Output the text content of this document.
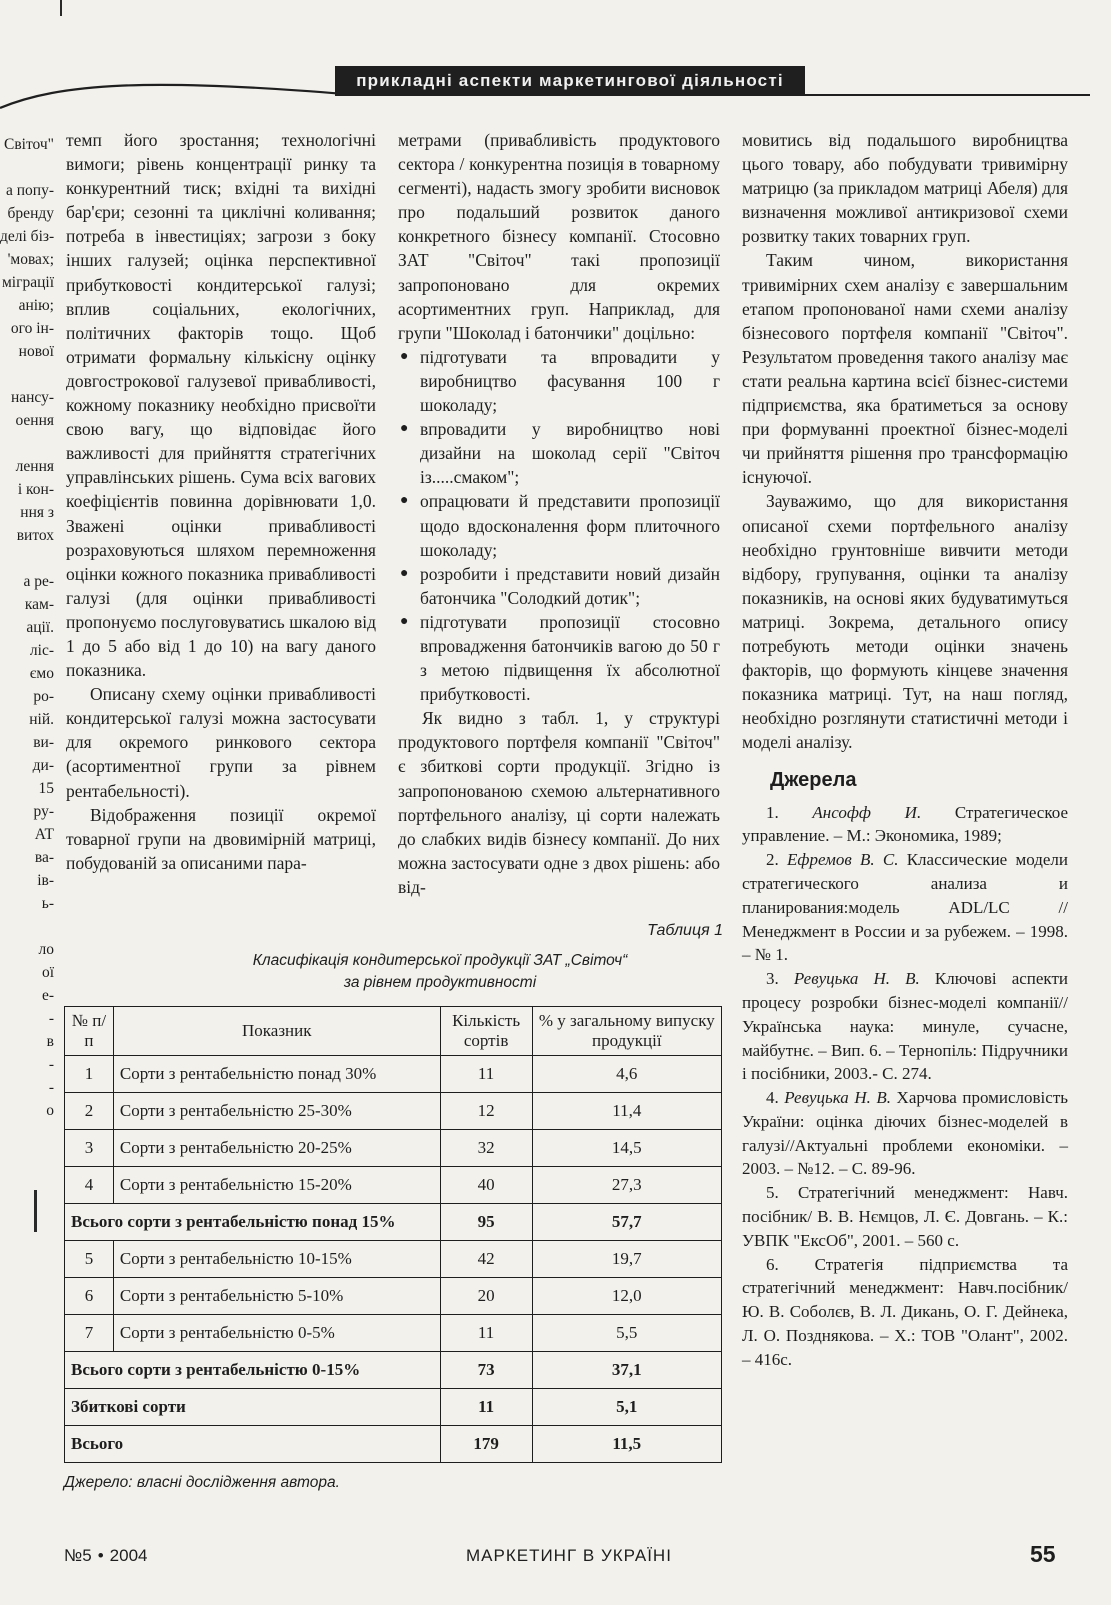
прикладні аспекти маркетингової діяльності
Світоч"
а попу-
бренду
делі біз-
'мовах;
міграції
анію;
ого ін-
нової
нансу-
оення
лення
і кон-
ння з
витох
а ре-
кам-
ації.
ліс-
ємо
ро-
ній.
ви-
ди-
15
ру-
АТ
ва-
ів-
ь-
ло
ої
е-
-
в
-
-
о

темп його зростання; технологічні вимоги; рівень концентрації ринку та конкурентний тиск; вхідні та вихідні бар'єри; сезонні та циклічні коливання; потреба в інвестиціях; загрози з боку інших галузей; оцінка перспективної прибутковості кондитерської галузі; вплив соціальних, екологічних, політичних факторів тощо. Щоб отримати формальну кількісну оцінку довгострокової галузевої привабливості, кожному показнику необхідно присвоїти свою вагу, що відповідає його важливості для прийняття стратегічних управлінських рішень. Сума всіх вагових коефіцієнтів повинна дорівнювати 1,0. Зважені оцінки привабливості розраховуються шляхом перемноження оцінки кожного показника привабливості галузі (для оцінки привабливості пропонуємо послуговуватись шкалою від 1 до 5 або від 1 до 10) на вагу даного показника.

Описану схему оцінки привабливості кондитерської галузі можна застосувати для окремого ринкового сектора (асортиментної групи за рівнем рентабельності).

Відображення позиції окремої товарної групи на двовимірній матриці, побудованій за описаними пара-

метрами (привабливість продуктового сектора / конкурентна позиція в товарному сегменті), надасть змогу зробити висновок про подальший розвиток даного конкретного бізнесу компанії. Стосовно ЗАТ "Світоч" такі пропозиції запропоновано для окремих асортиментних груп. Наприклад, для групи "Шоколад і батончики" доцільно:

● підготувати та впровадити у виробництво фасування 100 г шоколаду;
● впровадити у виробництво нові дизайни на шоколад серії "Світоч із.....смаком";
● опрацювати й представити пропозиції щодо вдосконалення форм плиточного шоколаду;
● розробити і представити новий дизайн батончика "Солодкий дотик";
● підготувати пропозиції стосовно впровадження батончиків вагою до 50 г з метою підвищення їх абсолютної прибутковості.

Як видно з табл. 1, у структурі продуктового портфеля компанії "Світоч" є збиткові сорти продукції. Згідно із запропонованою схемою альтернативного портфельного аналізу, ці сорти належать до слабких видів бізнесу компанії. До них можна застосувати одне з двох рішень: або від-

мовитись від подальшого виробництва цього товару, або побудувати тривимірну матрицю (за прикладом матриці Абеля) для визначення можливої антикризової схеми розвитку таких товарних груп.

Таким чином, використання тривимірних схем аналізу є завершальним етапом пропонованої нами схеми аналізу бізнесового портфеля компанії "Світоч". Результатом проведення такого аналізу має стати реальна картина всієї бізнес-системи підприємства, яка братиметься за основу при формуванні проектної бізнес-моделі чи прийняття рішення про трансформацію існуючої.

Зауважимо, що для використання описаної схеми портфельного аналізу необхідно грунтовніше вивчити методи відбору, групування, оцінки та аналізу показників, на основі яких будуватимуться матриці. Зокрема, детального опису потребують методи оцінки значень факторів, що формують кінцеве значення показника матриці. Тут, на наш погляд, необхідно розглянути статистичні методи і моделі аналізу.

Джерела

1. Ансофф И. Стратегическое управление. – М.: Экономика, 1989;

2. Ефремов В. С. Классические модели стратегического анализа и планирования:модель ADL/LC // Менеджмент в России и за рубежем. – 1998. – № 1.

3. Ревуцька Н. В. Ключові аспекти процесу розробки бізнес-моделі компанії// Українська наука: минуле, сучасне, майбутнє. – Вип. 6. – Тернопіль: Підручники і посібники, 2003.- С. 274.

4. Ревуцька Н. В. Харчова промисловість України: оцінка діючих бізнес-моделей в галузі//Актуальні проблеми економіки. – 2003. – №12. – С. 89-96.

5. Стратегічний менеджмент: Навч. посібник/ В. В. Нємцов, Л. Є. Довгань. – К.: УВПК "ЕксОб", 2001. – 560 с.

6. Стратегія підприємства та стратегічний менеджмент: Навч.посібник/Ю. В. Соболєв, В. Л. Дикань, О. Г. Дейнека, Л. О. Позднякова. – Х.: ТОВ "Олант", 2002. – 416с.

Таблиця 1
Класифікація кондитерської продукції ЗАТ „Світоч“
за рівнем продуктивності
№ п/п	Показник	Кількість сортів	% у загальному випуску продукції
1	Сорти з рентабельністю понад 30%	11	4,6
2	Сорти з рентабельністю 25-30%	12	11,4
3	Сорти з рентабельністю 20-25%	32	14,5
4	Сорти з рентабельністю 15-20%	40	27,3
Всього сорти з рентабельністю понад 15%		95	57,7
5	Сорти з рентабельністю 10-15%	42	19,7
6	Сорти з рентабельністю 5-10%	20	12,0
7	Сорти з рентабельністю 0-5%	11	5,5
Всього сорти з рентабельністю 0-15%		73	37,1
Збиткові сорти		11	5,1
Всього		179	11,5
Джерело: власні дослідження автора.
№5 • 2004	МАРКЕТИНГ В УКРАЇНІ	55
